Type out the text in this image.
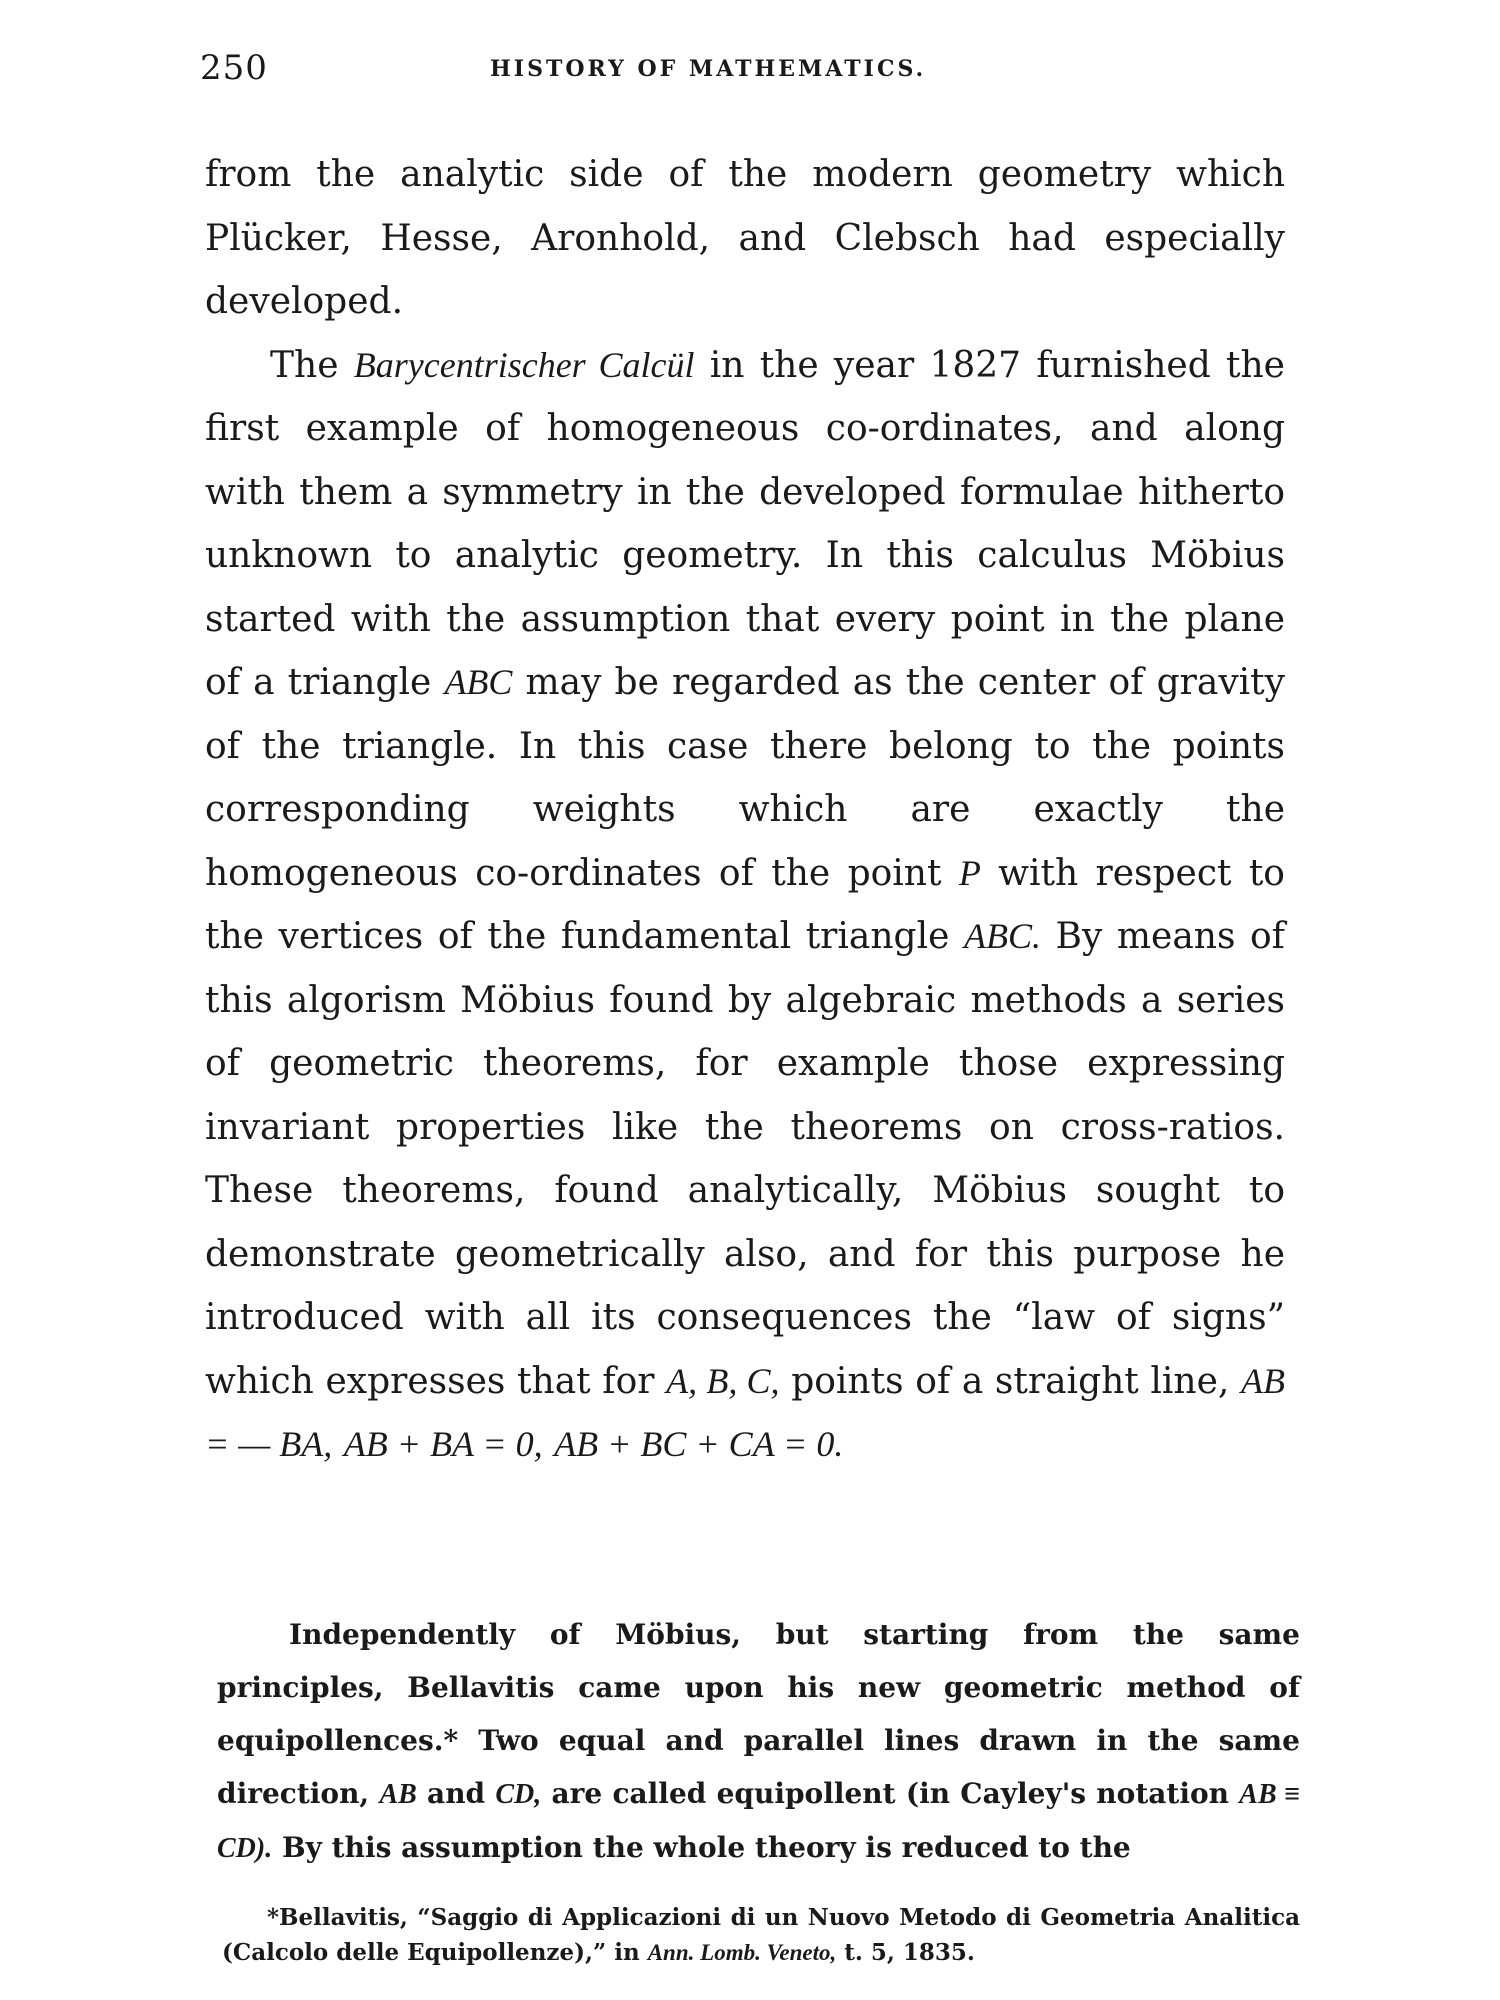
250	HISTORY OF MATHEMATICS.

from the analytic side of the modern geometry which Plücker, Hesse, Aronhold, and Clebsch had especially developed.

The Barycentrischer Calcül in the year 1827 furnished the first example of homogeneous co-ordinates, and along with them a symmetry in the developed formulae hitherto unknown to analytic geometry. In this calculus Möbius started with the assumption that every point in the plane of a triangle ABC may be regarded as the center of gravity of the triangle. In this case there belong to the points corresponding weights which are exactly the homogeneous co-ordinates of the point P with respect to the vertices of the fundamental triangle ABC. By means of this algorism Möbius found by algebraic methods a series of geometric theorems, for example those expressing invariant properties like the theorems on cross-ratios. These theorems, found analytically, Möbius sought to demonstrate geometrically also, and for this purpose he introduced with all its consequences the “law of signs” which expresses that for A, B, C, points of a straight line, AB = — BA, AB + BA = 0, AB + BC + CA = 0.

Independently of Möbius, but starting from the same principles, Bellavitis came upon his new geometric method of equipollences.* Two equal and parallel lines drawn in the same direction, AB and CD, are called equipollent (in Cayley's notation AB ≡ CD). By this assumption the whole theory is reduced to the

*Bellavitis, “Saggio di Applicazioni di un Nuovo Metodo di Geometria Analitica (Calcolo delle Equipollenze),” in Ann. Lomb. Veneto, t. 5, 1835.
